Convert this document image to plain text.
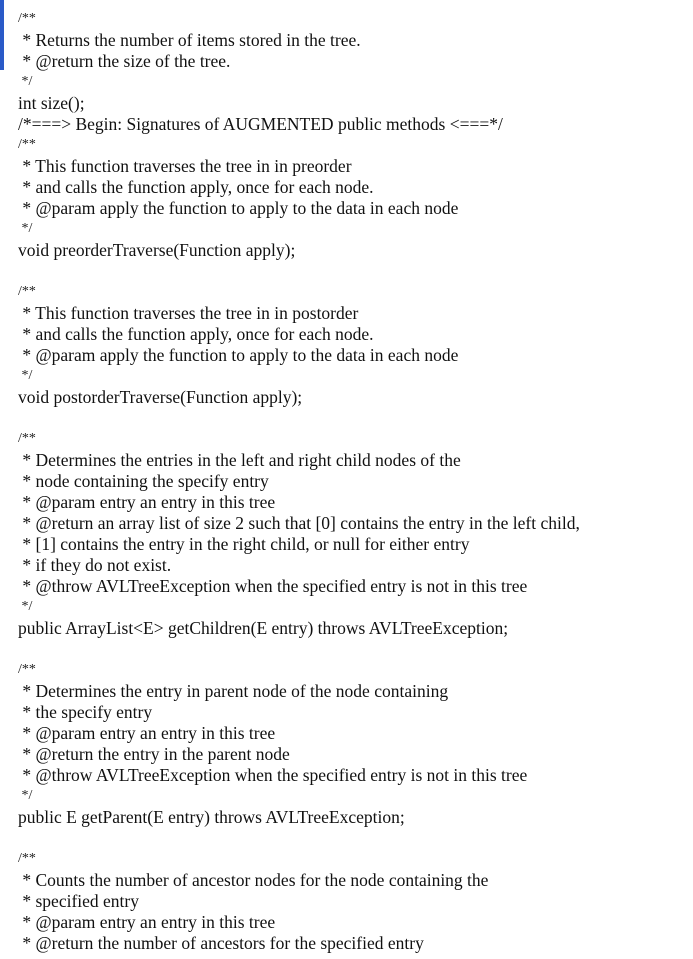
/**
* Returns the number of items stored in the tree.
* @return the size of the tree.
*/
int size();
/*===> Begin: Signatures of AUGMENTED public methods <===*/
/**
* This function traverses the tree in in preorder
* and calls the function apply, once for each node.
* @param apply the function to apply to the data in each node
*/
void preorderTraverse(Function apply);
/**
* This function traverses the tree in in postorder
* and calls the function apply, once for each node.
* @param apply the function to apply to the data in each node
*/
void postorderTraverse(Function apply);
/**
* Determines the entries in the left and right child nodes of the
* node containing the specify entry
* @param entry an entry in this tree
* @return an array list of size 2 such that [0] contains the entry in the left child,
* [1] contains the entry in the right child, or null for either entry
* if they do not exist.
* @throw AVLTreeException when the specified entry is not in this tree
*/
public ArrayList<E> getChildren(E entry) throws AVLTreeException;
/**
* Determines the entry in parent node of the node containing
* the specify entry
* @param entry an entry in this tree
* @return the entry in the parent node
* @throw AVLTreeException when the specified entry is not in this tree
*/
public E getParent(E entry) throws AVLTreeException;
/**
* Counts the number of ancestor nodes for the node containing the
* specified entry
* @param entry an entry in this tree
* @return the number of ancestors for the specified entry
